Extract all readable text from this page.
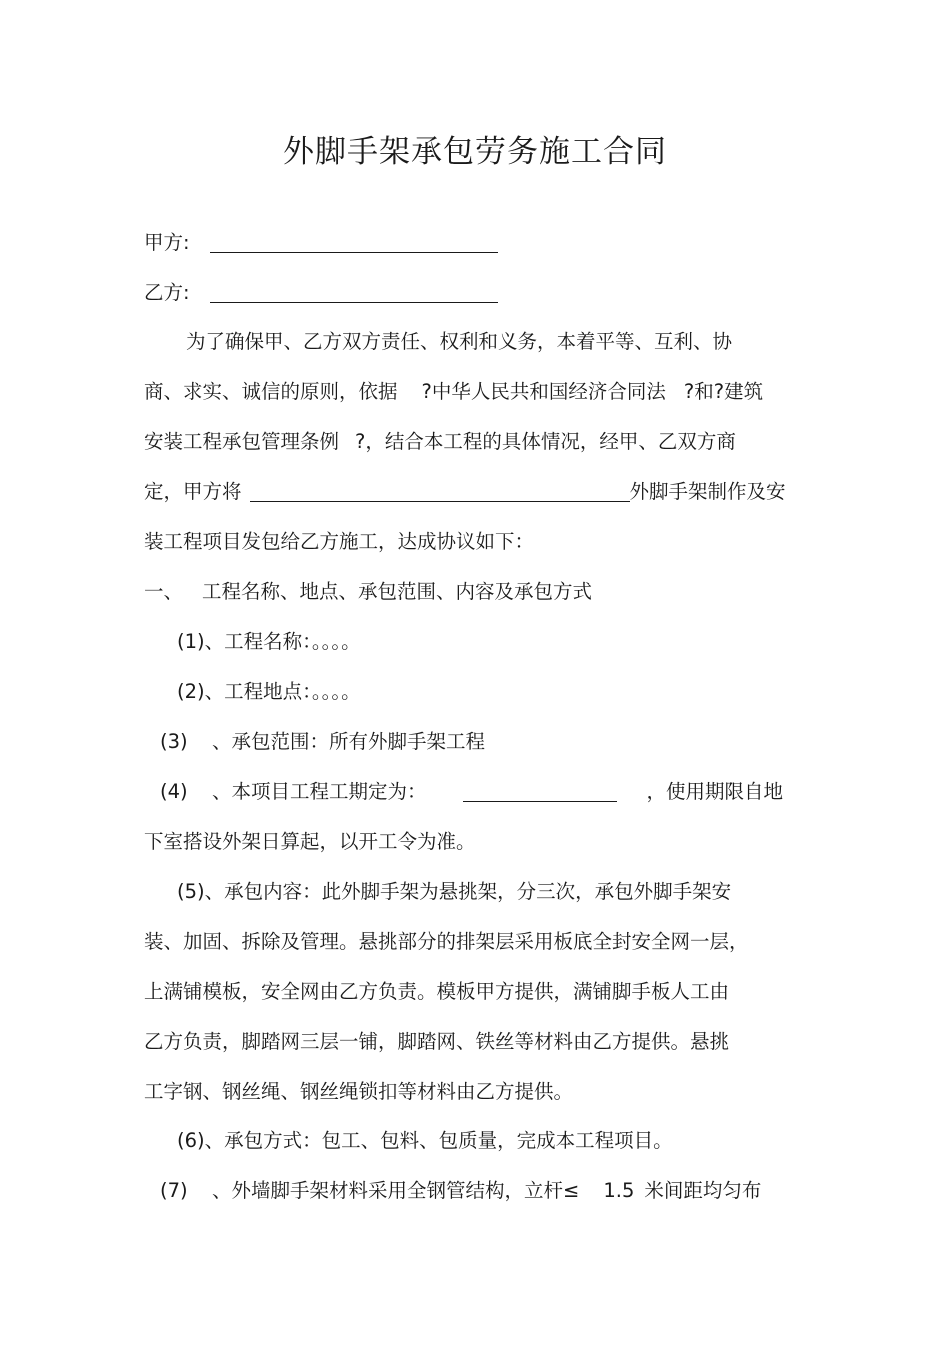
外脚手架承包劳务施工合同
甲方:
乙方:
为了确保甲、乙方双方责任、权利和义务，本着平等、互利、协
商、求实、诚信的原则，依据 ?中华人民共和国经济合同法 ?和?建筑
安装工程承包管理条例 ?，结合本工程的具体情况，经甲、乙双方商
定，甲方将	外脚手架制作及安
装工程项目发包给乙方施工，达成协议如下：
一、 工程名称、地点、承包范围、内容及承包方式
(1)、工程名称：。。。。
(2)、工程地点：。。。。
(3) 、承包范围：所有外脚手架工程
(4) 、本项目工程工期定为：	，使用期限自地
下室搭设外架日算起，以开工令为准。
(5)、承包内容：此外脚手架为悬挑架，分三次，承包外脚手架安
装、加固、拆除及管理。悬挑部分的排架层采用板底全封安全网一层，
上满铺模板，安全网由乙方负责。模板甲方提供，满铺脚手板人工由
乙方负责，脚踏网三层一铺，脚踏网、铁丝等材料由乙方提供。悬挑
工字钢、钢丝绳、钢丝绳锁扣等材料由乙方提供。
(6)、承包方式：包工、包料、包质量，完成本工程项目。
(7) 、外墙脚手架材料采用全钢管结构，立杆≤ 1.5 米间距均匀布
